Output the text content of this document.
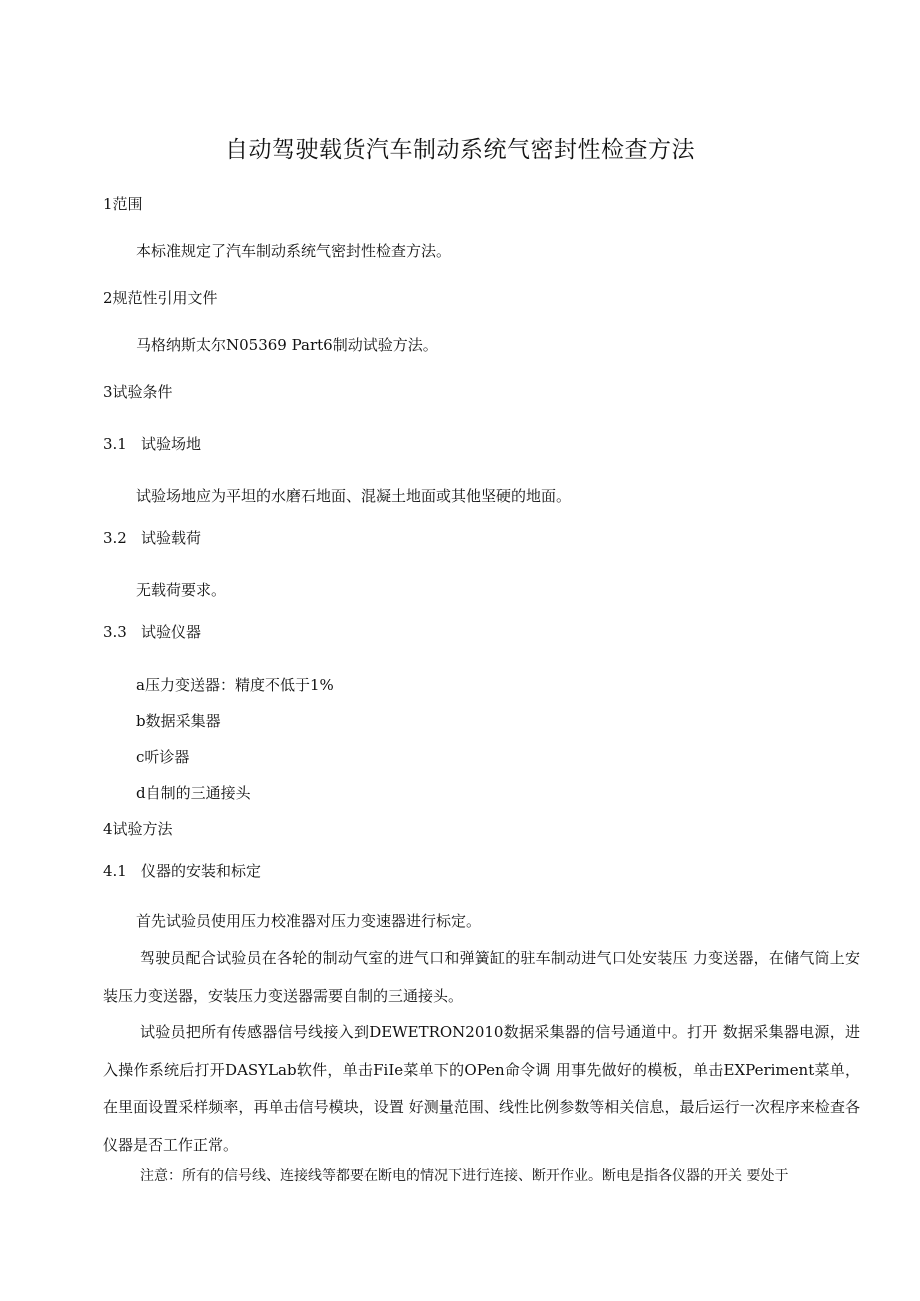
自动驾驶载货汽车制动系统气密封性检查方法
1范围
本标准规定了汽车制动系统气密封性检查方法。
2规范性引用文件
马格纳斯太尔N05369 Part6制动试验方法。
3试验条件
3.1 试验场地
试验场地应为平坦的水磨石地面、混凝土地面或其他坚硬的地面。
3.2 试验载荷
无载荷要求。
3.3 试验仪器
a压力变送器：精度不低于1%
b数据采集器
c听诊器
d自制的三通接头
4试验方法
4.1 仪器的安装和标定
首先试验员使用压力校准器对压力变速器进行标定。
驾驶员配合试验员在各轮的制动气室的进气口和弹簧缸的驻车制动进气口处安装压 力变送器，在储气筒上安装压力变送器，安装压力变送器需要自制的三通接头。
试验员把所有传感器信号线接入到DEWETRON2010数据采集器的信号通道中。打开 数据采集器电源，进入操作系统后打开DASYLab软件，单击FiIe菜单下的OPen命令调 用事先做好的模板，单击EXPeriment菜单，在里面设置采样频率，再单击信号模块，设置 好测量范围、线性比例参数等相关信息，最后运行一次程序来检查各仪器是否工作正常。
注意：所有的信号线、连接线等都要在断电的情况下进行连接、断开作业。断电是指各仪器的开关 要处于
